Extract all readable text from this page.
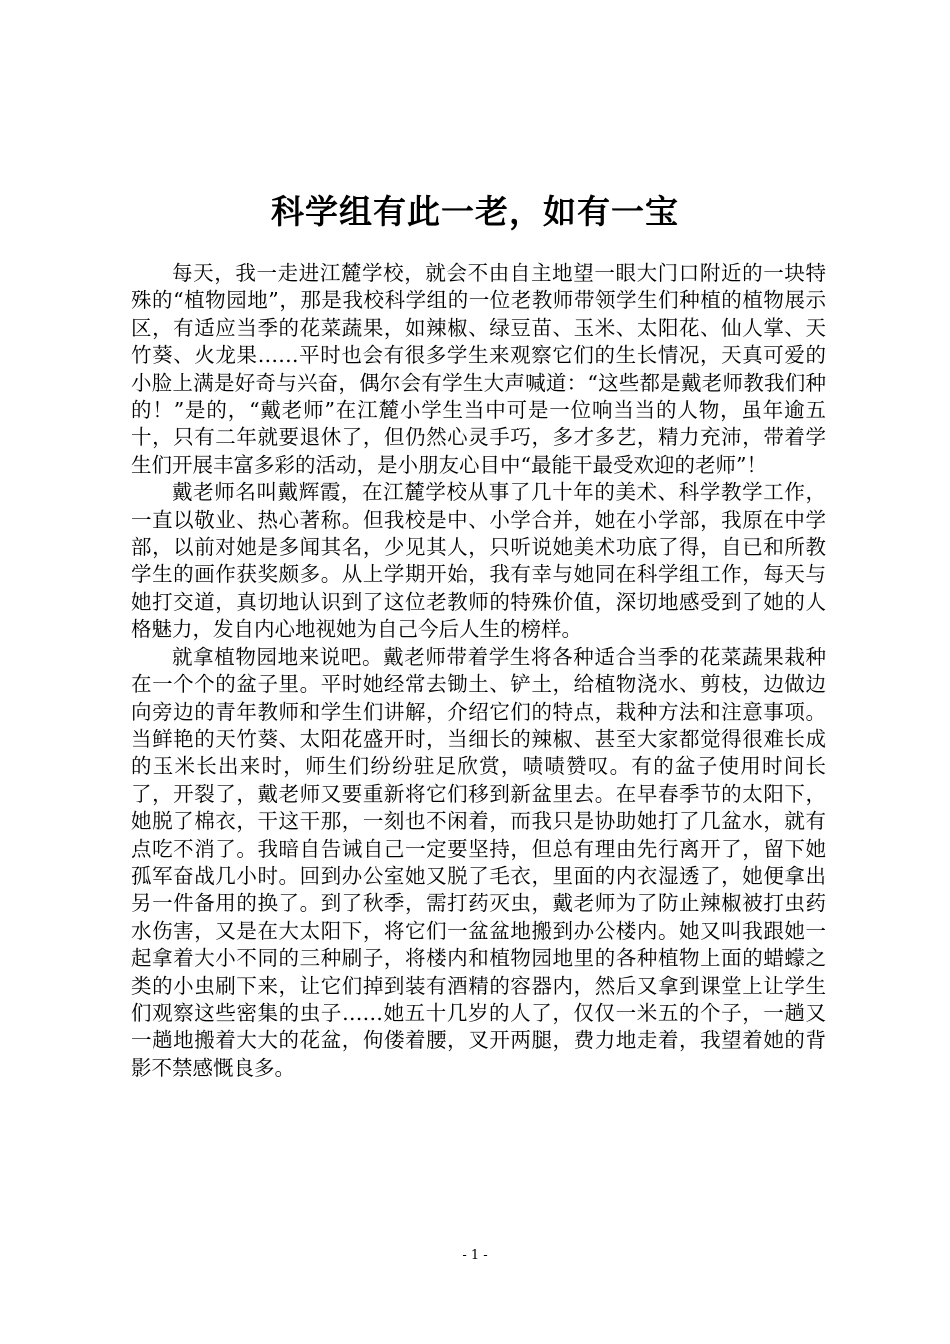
科学组有此一老，如有一宝

每天，我一走进江麓学校，就会不由自主地望一眼大门口附近的一块特殊的“植物园地”，那是我校科学组的一位老教师带领学生们种植的植物展示区，有适应当季的花菜蔬果，如辣椒、绿豆苗、玉米、太阳花、仙人掌、天竹葵、火龙果……平时也会有很多学生来观察它们的生长情况，天真可爱的小脸上满是好奇与兴奋，偶尔会有学生大声喊道：“这些都是戴老师教我们种的！”是的，“戴老师”在江麓小学生当中可是一位响当当的人物，虽年逾五十，只有二年就要退休了，但仍然心灵手巧，多才多艺，精力充沛，带着学生们开展丰富多彩的活动，是小朋友心目中“最能干最受欢迎的老师”！

戴老师名叫戴辉霞，在江麓学校从事了几十年的美术、科学教学工作，一直以敬业、热心著称。但我校是中、小学合并，她在小学部，我原在中学部，以前对她是多闻其名，少见其人，只听说她美术功底了得，自已和所教学生的画作获奖颇多。从上学期开始，我有幸与她同在科学组工作，每天与她打交道，真切地认识到了这位老教师的特殊价值，深切地感受到了她的人格魅力，发自内心地视她为自己今后人生的榜样。

就拿植物园地来说吧。戴老师带着学生将各种适合当季的花菜蔬果栽种在一个个的盆子里。平时她经常去锄土、铲土，给植物浇水、剪枝，边做边向旁边的青年教师和学生们讲解，介绍它们的特点，栽种方法和注意事项。当鲜艳的天竹葵、太阳花盛开时，当细长的辣椒、甚至大家都觉得很难长成的玉米长出来时，师生们纷纷驻足欣赏，啧啧赞叹。有的盆子使用时间长了，开裂了，戴老师又要重新将它们移到新盆里去。在早春季节的太阳下，她脱了棉衣，干这干那，一刻也不闲着，而我只是协助她打了几盆水，就有点吃不消了。我暗自告诫自己一定要坚持，但总有理由先行离开了，留下她孤军奋战几小时。回到办公室她又脱了毛衣，里面的内衣湿透了，她便拿出另一件备用的换了。到了秋季，需打药灭虫，戴老师为了防止辣椒被打虫药水伤害，又是在大太阳下，将它们一盆盆地搬到办公楼内。她又叫我跟她一起拿着大小不同的三种刷子，将楼内和植物园地里的各种植物上面的蜡蠓之类的小虫刷下来，让它们掉到装有酒精的容器内，然后又拿到课堂上让学生们观察这些密集的虫子……她五十几岁的人了，仅仅一米五的个子，一趟又一趟地搬着大大的花盆，佝偻着腰，叉开两腿，费力地走着，我望着她的背影不禁感慨良多。

- 1 -
